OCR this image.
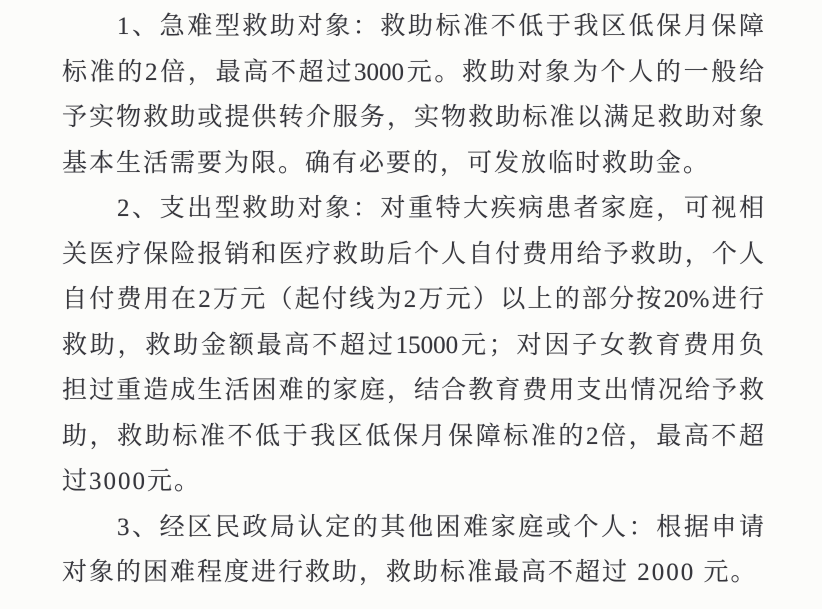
1、急难型救助对象：救助标准不低于我区低保月保障
标准的2倍，最高不超过3000元。救助对象为个人的一般给
予实物救助或提供转介服务，实物救助标准以满足救助对象
基本生活需要为限。确有必要的，可发放临时救助金。

2、支出型救助对象：对重特大疾病患者家庭，可视相
关医疗保险报销和医疗救助后个人自付费用给予救助，个人
自付费用在2万元（起付线为2万元）以上的部分按20%进行
救助，救助金额最高不超过15000元；对因子女教育费用负
担过重造成生活困难的家庭，结合教育费用支出情况给予救
助，救助标准不低于我区低保月保障标准的2倍，最高不超
过3000元。

3、经区民政局认定的其他困难家庭或个人：根据申请
对象的困难程度进行救助，救助标准最高不超过 2000 元。
